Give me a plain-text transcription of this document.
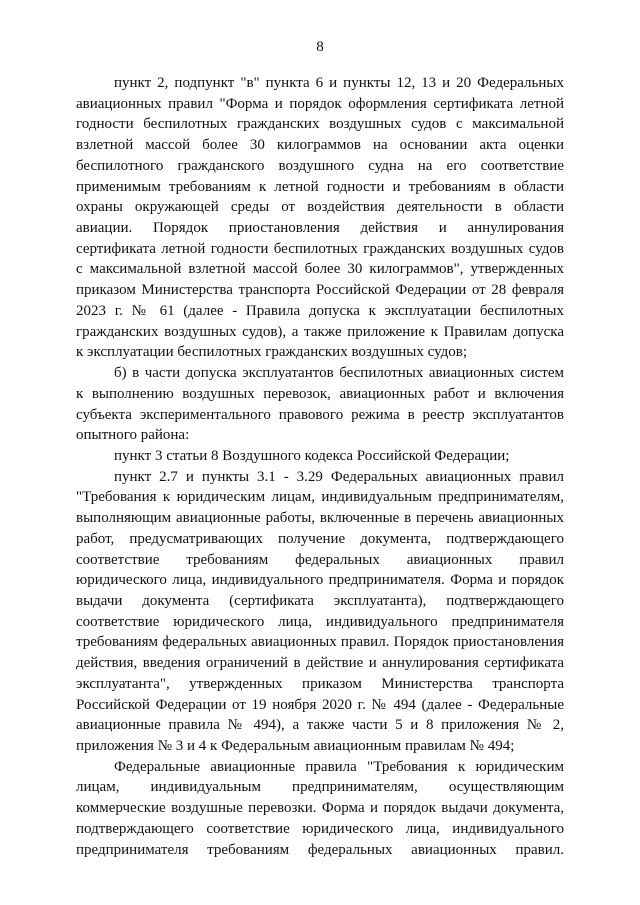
8
пункт 2, подпункт "в" пункта 6 и пункты 12, 13 и 20 Федеральных
авиационных правил "Форма и порядок оформления сертификата летной
годности беспилотных гражданских воздушных судов с максимальной
взлетной массой более 30 килограммов на основании акта оценки
беспилотного гражданского воздушного судна на его соответствие
применимым требованиям к летной годности и требованиям в области
охраны окружающей среды от воздействия деятельности в области
авиации. Порядок приостановления действия и аннулирования
сертификата летной годности беспилотных гражданских воздушных судов
с максимальной взлетной массой более 30 килограммов", утвержденных
приказом Министерства транспорта Российской Федерации от 28 февраля
2023 г. № 61 (далее - Правила допуска к эксплуатации беспилотных
гражданских воздушных судов), а также приложение к Правилам допуска
к эксплуатации беспилотных гражданских воздушных судов;
б) в части допуска эксплуатантов беспилотных авиационных систем
к выполнению воздушных перевозок, авиационных работ и включения
субъекта экспериментального правового режима в реестр эксплуатантов
опытного района:
пункт 3 статьи 8 Воздушного кодекса Российской Федерации;
пункт 2.7 и пункты 3.1 - 3.29 Федеральных авиационных правил
"Требования к юридическим лицам, индивидуальным предпринимателям,
выполняющим авиационные работы, включенные в перечень авиационных
работ, предусматривающих получение документа, подтверждающего
соответствие требованиям федеральных авиационных правил
юридического лица, индивидуального предпринимателя. Форма и порядок
выдачи документа (сертификата эксплуатанта), подтверждающего
соответствие юридического лица, индивидуального предпринимателя
требованиям федеральных авиационных правил. Порядок приостановления
действия, введения ограничений в действие и аннулирования сертификата
эксплуатанта", утвержденных приказом Министерства транспорта
Российской Федерации от 19 ноября 2020 г. № 494 (далее - Федеральные
авиационные правила № 494), а также части 5 и 8 приложения № 2,
приложения № 3 и 4 к Федеральным авиационным правилам № 494;
Федеральные авиационные правила "Требования к юридическим
лицам, индивидуальным предпринимателям, осуществляющим
коммерческие воздушные перевозки. Форма и порядок выдачи документа,
подтверждающего соответствие юридического лица, индивидуального
предпринимателя требованиям федеральных авиационных правил.
